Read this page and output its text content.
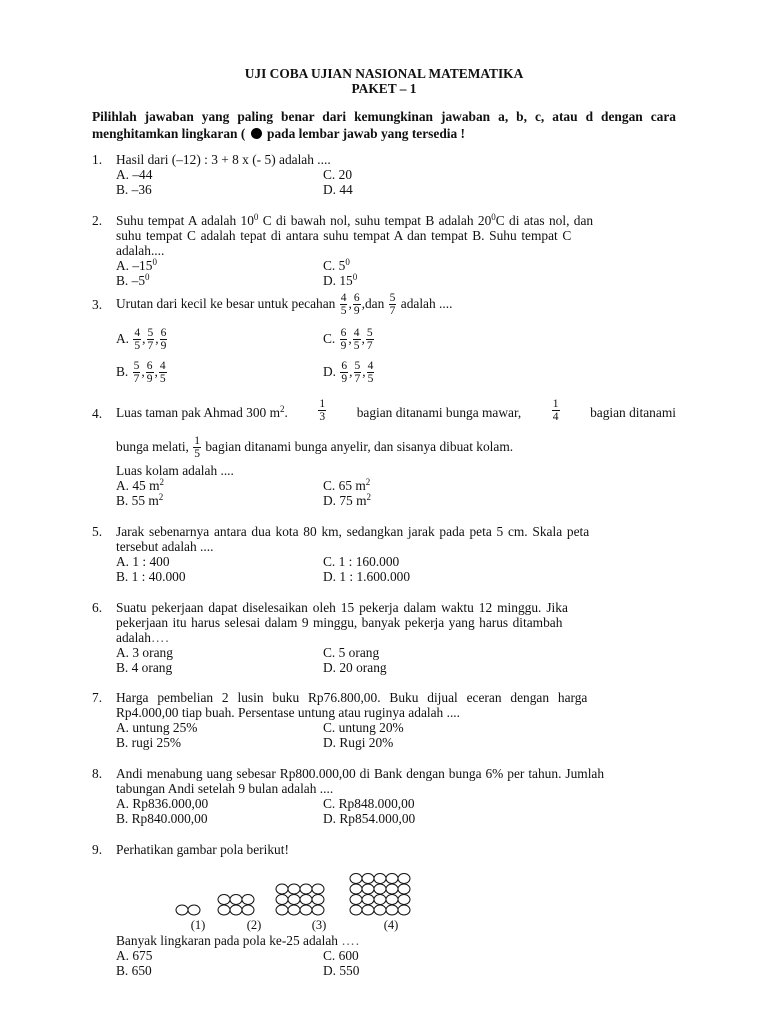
UJI COBA UJIAN NASIONAL MATEMATIKA
PAKET – 1
Pilihlah jawaban yang paling benar dari kemungkinan jawaban a, b, c, atau d dengan cara menghitamkan lingkaran ( pada lembar jawab yang tersedia !
1. Hasil dari (–12) : 3 + 8 x (- 5) adalah ....
A. –44	C. 20
B. –36	D. 44
2. Suhu tempat A adalah $10^0$ C di bawah nol, suhu tempat B adalah $20^0C$ di atas nol, dan
suhu tempat C adalah tepat di antara suhu tempat A dan tempat B. Suhu tempat C
adalah....
A. $-15^0$	C. $5^0$
B. $-5^0$	D. $15^0$
3. Urutan dari kecil ke besar untuk pecahan $\frac{4}{5}$ , $\frac{6}{9} ,dan \frac{5}{7}$ adalah ....
A. $\frac{4}{5}$ , $\frac{5}{7}$ , $\frac{6}{9}$	C. $\frac{6}{9}$ , $\frac{4}{5}$ , $\frac{5}{7}$
B. $\frac{5}{7}$ , $\frac{6}{9}$ , $\frac{4}{5}$	D. $\frac{6}{9}$ , $\frac{5}{7}$ , $\frac{4}{5}$
4. Luas taman pak Ahmad 300 $m^2$.	$\frac{1}{3}$ bagian ditanami bunga mawar,	$\frac{1}{4}$ bagian ditanami
bunga melati, $\frac{1}{5}$ bagian ditanami bunga anyelir, dan sisanya dibuat kolam.
Luas kolam adalah ....
A. 45 $m^2$	C. 65 $m^2$
B. 55 $m^2$	D. 75 $m^2$
5. Jarak sebenarnya antara dua kota 80 km, sedangkan jarak pada peta 5 cm. Skala peta
tersebut adalah ....
A. 1 : 400	C. 1 : 160.000
B. 1 : 40.000	D. 1 : 1.600.000
6. Suatu pekerjaan dapat diselesaikan oleh 15 pekerja dalam waktu 12 minggu. Jika
pekerjaan itu harus selesai dalam 9 minggu, banyak pekerja yang harus ditambah
adalah….
A. 3 orang	C. 5 orang
B. 4 orang	D. 20 orang
7. Harga pembelian 2 lusin buku Rp76.800,00. Buku dijual eceran dengan harga
Rp4.000,00 tiap buah. Persentase untung atau ruginya adalah ....
A. untung 25%	C. untung 20%
B. rugi 25%	D. Rugi 20%
8. Andi menabung uang sebesar Rp800.000,00 di Bank dengan bunga 6% per tahun. Jumlah
tabungan Andi setelah 9 bulan adalah ....
A. Rp836.000,00	C. Rp848.000,00
B. Rp840.000,00	D. Rp854.000,00
9. Perhatikan gambar pola berikut!
(1)	(2)	(3)	(4)
Banyak lingkaran pada pola ke-25 adalah ….
A. 675	C. 600
B. 650	D. 550
